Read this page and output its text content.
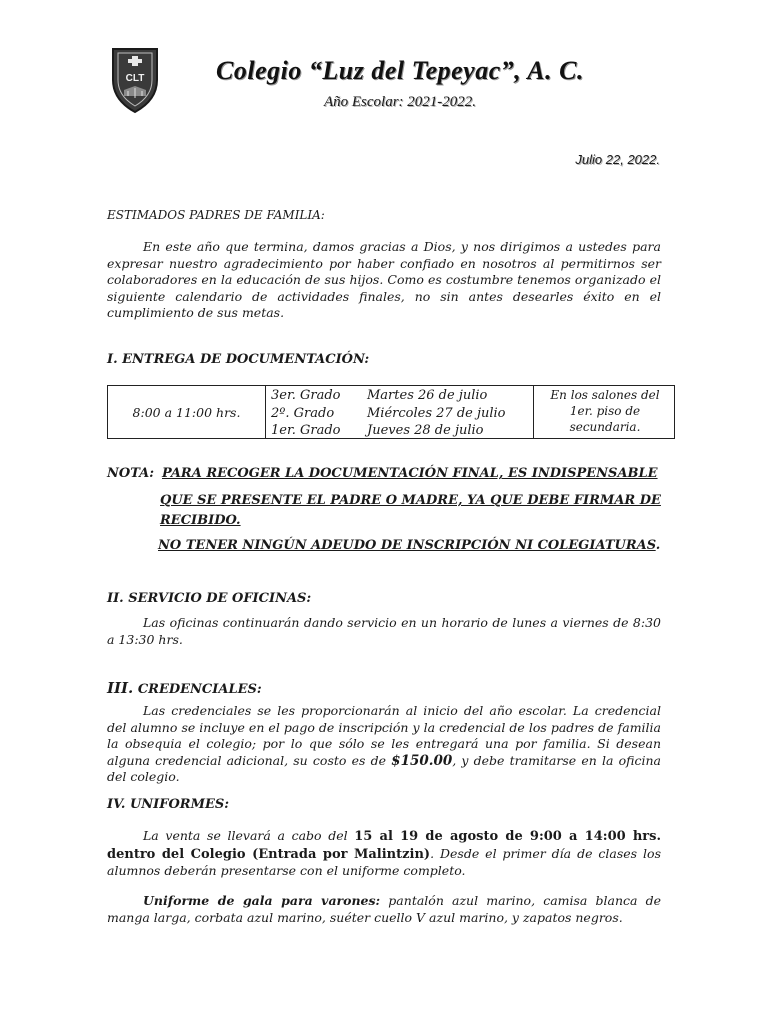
CLT	Colegio “Luz del Tepeyac”, A. C.
Año Escolar: 2021-2022.
Julio 22, 2022.
ESTIMADOS PADRES DE FAMILIA:
En este año que termina, damos gracias a Dios, y nos dirigimos a ustedes para expresar nuestro agradecimiento por haber confiado en nosotros al permitirnos ser colaboradores en la educación de sus hijos. Como es costumbre tenemos organizado el siguiente calendario de actividades finales, no sin antes desearles éxito en el cumplimiento de sus metas.
I. ENTREGA DE DOCUMENTACIÓN:
8:00 a 11:00 hrs.
3er. Grado	Martes 26 de julio
2º. Grado	Miércoles 27 de julio
1er. Grado	Jueves 28 de julio
En los salones del 1er. piso de secundaria.
NOTA: PARA RECOGER LA DOCUMENTACIÓN FINAL, ES INDISPENSABLE
QUE SE PRESENTE EL PADRE O MADRE, YA QUE DEBE FIRMAR DE
RECIBIDO.
NO TENER NINGÚN ADEUDO DE INSCRIPCIÓN NI COLEGIATURAS.
II. SERVICIO DE OFICINAS:
Las oficinas continuarán dando servicio en un horario de lunes a viernes de 8:30 a 13:30 hrs.
III. CREDENCIALES:
Las credenciales se les proporcionarán al inicio del año escolar. La credencial del alumno se incluye en el pago de inscripción y la credencial de los padres de familia la obsequia el colegio; por lo que sólo se les entregará una por familia. Si desean alguna credencial adicional, su costo es de $150.00, y debe tramitarse en la oficina del colegio.
IV. UNIFORMES:
La venta se llevará a cabo del 15 al 19 de agosto de 9:00 a 14:00 hrs. dentro del Colegio (Entrada por Malintzin). Desde el primer día de clases los alumnos deberán presentarse con el uniforme completo.
Uniforme de gala para varones: pantalón azul marino, camisa blanca de manga larga, corbata azul marino, suéter cuello V azul marino, y zapatos negros.
